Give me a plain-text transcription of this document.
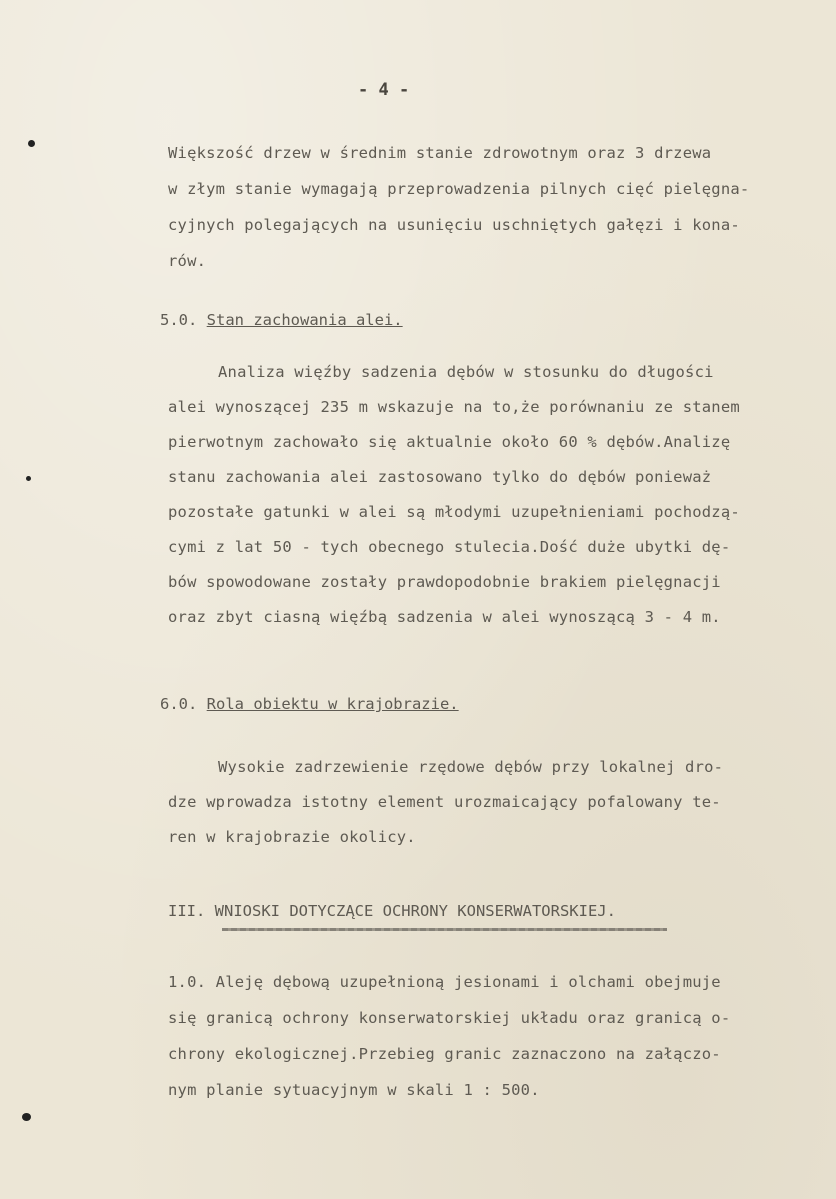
- 4 -
Większość drzew w średnim stanie zdrowotnym oraz 3 drzewa
w złym stanie wymagają przeprowadzenia pilnych cięć pielęgna-
cyjnych polegających na usunięciu uschniętych gałęzi i kona-
rów.
5.0. Stan zachowania alei.
Analiza więźby sadzenia dębów w stosunku do długości
alei wynoszącej 235 m wskazuje na to,że porównaniu ze stanem
pierwotnym zachowało się aktualnie około 60 % dębów.Analizę
stanu zachowania alei zastosowano tylko do dębów ponieważ
pozostałe gatunki w alei są młodymi uzupełnieniami pochodzą-
cymi z lat 50 - tych obecnego stulecia.Dość duże ubytki dę-
bów spowodowane zostały prawdopodobnie brakiem pielęgnacji
oraz zbyt ciasną więźbą sadzenia w alei wynoszącą 3 - 4 m.
6.0. Rola obiektu w krajobrazie.
Wysokie zadrzewienie rzędowe dębów przy lokalnej dro-
dze wprowadza istotny element urozmaicający pofalowany te-
ren w krajobrazie okolicy.
III. WNIOSKI DOTYCZĄCE OCHRONY KONSERWATORSKIEJ.
1.0. Aleję dębową uzupełnioną jesionami i olchami obejmuje
się granicą ochrony konserwatorskiej układu oraz granicą o-
chrony ekologicznej.Przebieg granic zaznaczono na załączo-
nym planie sytuacyjnym w skali 1 : 500.
